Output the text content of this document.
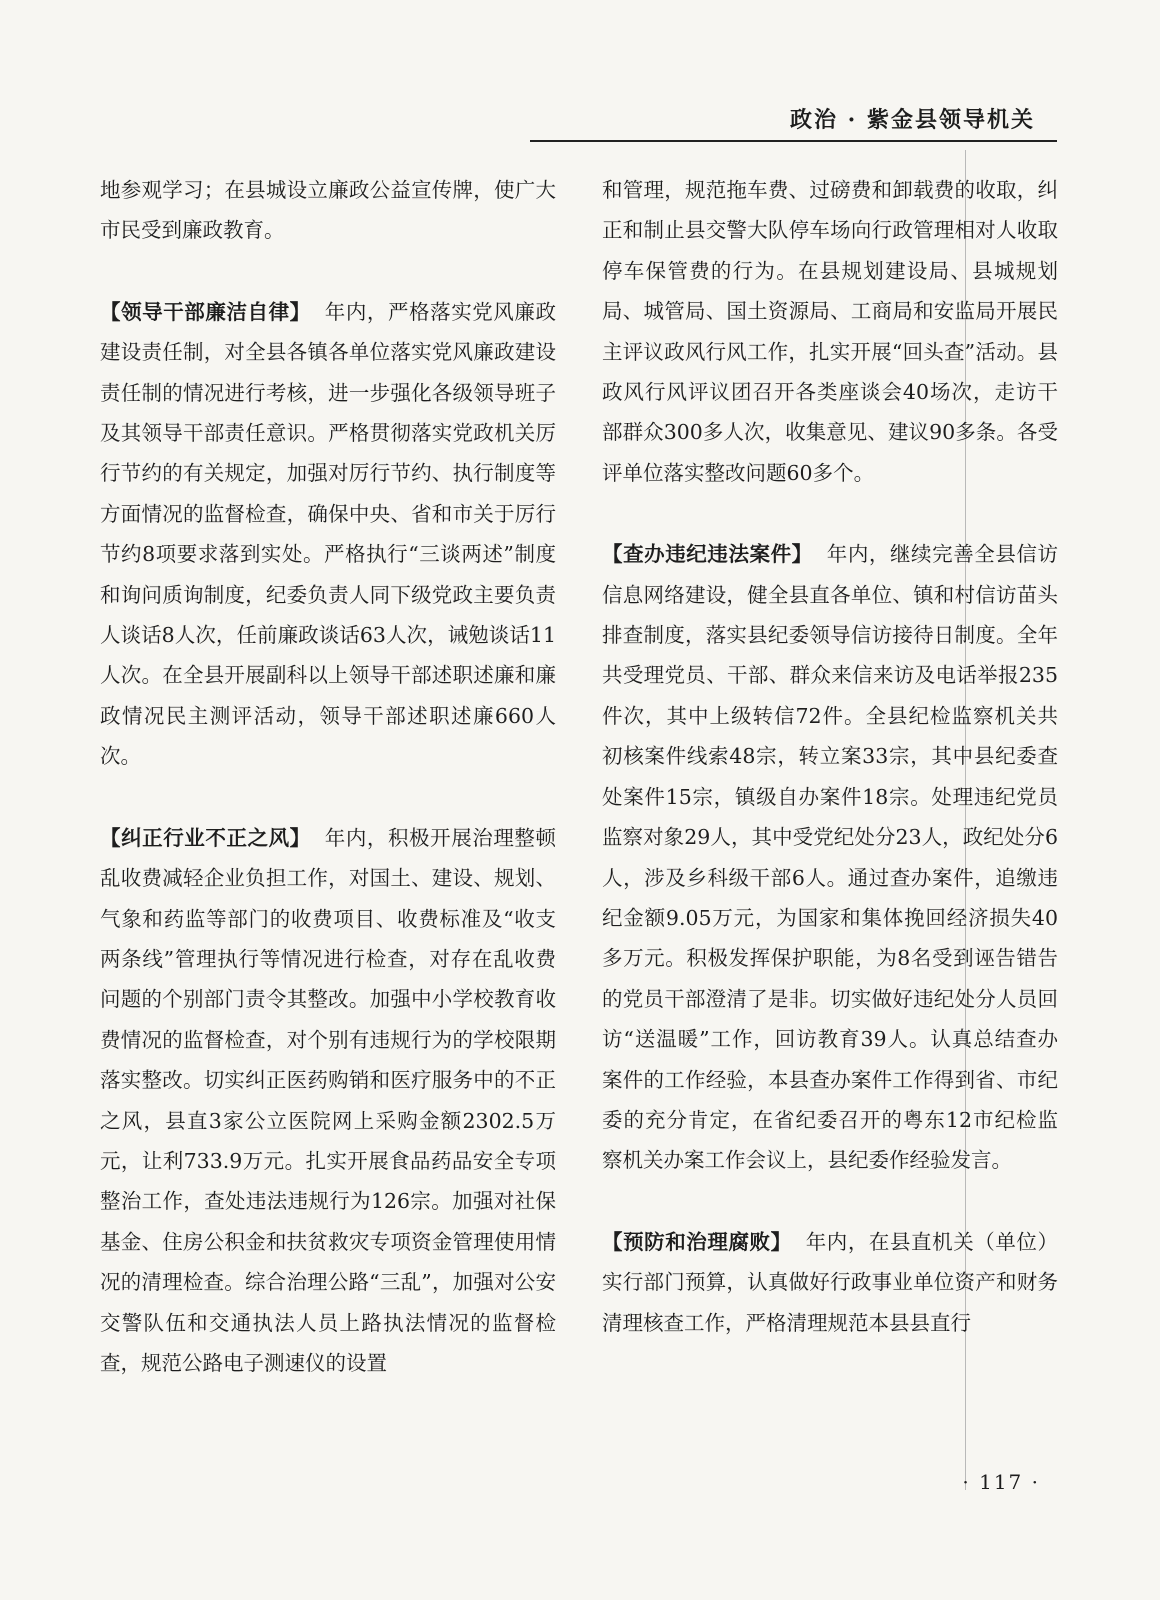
政治 · 紫金县领导机关

地参观学习；在县城设立廉政公益宣传牌，使广大市民受到廉政教育。

【领导干部廉洁自律】 年内，严格落实党风廉政建设责任制，对全县各镇各单位落实党风廉政建设责任制的情况进行考核，进一步强化各级领导班子及其领导干部责任意识。严格贯彻落实党政机关厉行节约的有关规定，加强对厉行节约、执行制度等方面情况的监督检查，确保中央、省和市关于厉行节约8项要求落到实处。严格执行“三谈两述”制度和询问质询制度，纪委负责人同下级党政主要负责人谈话8人次，任前廉政谈话63人次，诫勉谈话11人次。在全县开展副科以上领导干部述职述廉和廉政情况民主测评活动，领导干部述职述廉660人次。

【纠正行业不正之风】 年内，积极开展治理整顿乱收费减轻企业负担工作，对国土、建设、规划、气象和药监等部门的收费项目、收费标准及“收支两条线”管理执行等情况进行检查，对存在乱收费问题的个别部门责令其整改。加强中小学校教育收费情况的监督检查，对个别有违规行为的学校限期落实整改。切实纠正医药购销和医疗服务中的不正之风，县直3家公立医院网上采购金额2302.5万元，让利733.9万元。扎实开展食品药品安全专项整治工作，查处违法违规行为126宗。加强对社保基金、住房公积金和扶贫救灾专项资金管理使用情况的清理检查。综合治理公路“三乱”，加强对公安交警队伍和交通执法人员上路执法情况的监督检查，规范公路电子测速仪的设置

和管理，规范拖车费、过磅费和卸载费的收取，纠正和制止县交警大队停车场向行政管理相对人收取停车保管费的行为。在县规划建设局、县城规划局、城管局、国土资源局、工商局和安监局开展民主评议政风行风工作，扎实开展“回头查”活动。县政风行风评议团召开各类座谈会40场次，走访干部群众300多人次，收集意见、建议90多条。各受评单位落实整改问题60多个。

【查办违纪违法案件】 年内，继续完善全县信访信息网络建设，健全县直各单位、镇和村信访苗头排查制度，落实县纪委领导信访接待日制度。全年共受理党员、干部、群众来信来访及电话举报235件次，其中上级转信72件。全县纪检监察机关共初核案件线索48宗，转立案33宗，其中县纪委查处案件15宗，镇级自办案件18宗。处理违纪党员监察对象29人，其中受党纪处分23人，政纪处分6人，涉及乡科级干部6人。通过查办案件，追缴违纪金额9.05万元，为国家和集体挽回经济损失40多万元。积极发挥保护职能，为8名受到诬告错告的党员干部澄清了是非。切实做好违纪处分人员回访“送温暖”工作，回访教育39人。认真总结查办案件的工作经验，本县查办案件工作得到省、市纪委的充分肯定，在省纪委召开的粤东12市纪检监察机关办案工作会议上，县纪委作经验发言。

【预防和治理腐败】 年内，在县直机关（单位）实行部门预算，认真做好行政事业单位资产和财务清理核查工作，严格清理规范本县县直行

· 117 ·
